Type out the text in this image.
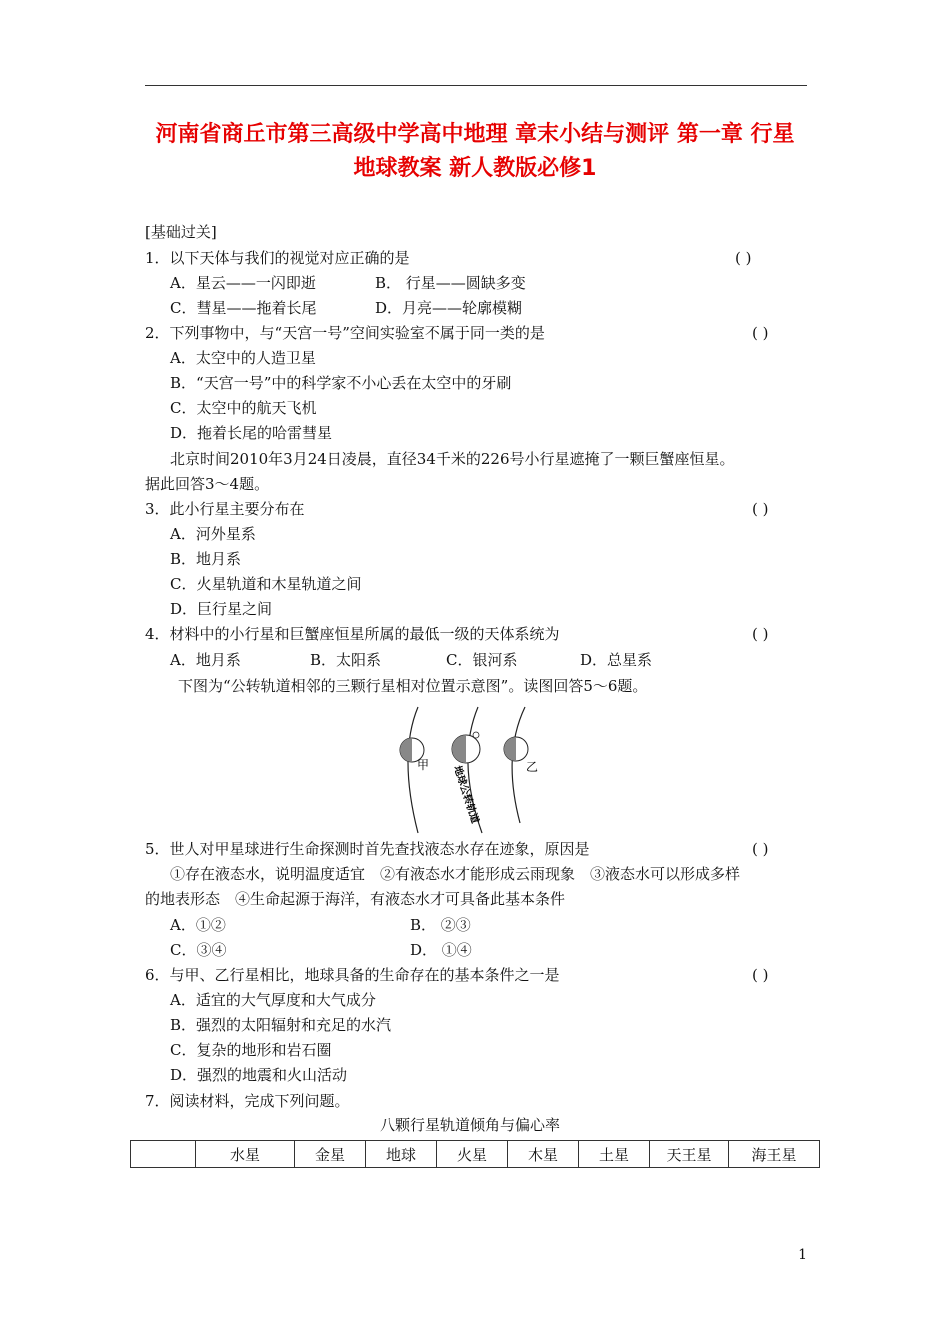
河南省商丘市第三高级中学高中地理 章末小结与测评 第一章 行星
地球教案 新人教版必修1
[基础过关]
1．以下天体与我们的视觉对应正确的是	( )
A．星云——一闪即逝	B． 行星——圆缺多变
C．彗星——拖着长尾	D．月亮——轮廓模糊
2．下列事物中，与“天宫一号”空间实验室不属于同一类的是	( )
A．太空中的人造卫星
B．“天宫一号”中的科学家不小心丢在太空中的牙刷
C．太空中的航天飞机
D．拖着长尾的哈雷彗星
北京时间2010年3月24日凌晨，直径34千米的226号小行星遮掩了一颗巨蟹座恒星。
据此回答3～4题。
3．此小行星主要分布在	( )
A．河外星系
B．地月系
C．火星轨道和木星轨道之间
D．巨行星之间
4．材料中的小行星和巨蟹座恒星所属的最低一级的天体系统为	( )
A．地月系	B．太阳系	C．银河系	D．总星系
下图为“公转轨道相邻的三颗行星相对位置示意图”。读图回答5～6题。
甲	乙
地球公转轨道
5．世人对甲星球进行生命探测时首先查找液态水存在迹象，原因是	( )
①存在液态水，说明温度适宜　②有液态水才能形成云雨现象　③液态水可以形成多样
的地表形态　④生命起源于海洋，有液态水才可具备此基本条件
A．①②	B． ②③
C．③④	D． ①④
6．与甲、乙行星相比，地球具备的生命存在的基本条件之一是	( )
A．适宜的大气厚度和大气成分
B．强烈的太阳辐射和充足的水汽
C．复杂的地形和岩石圈
D．强烈的地震和火山活动
7．阅读材料，完成下列问题。
八颗行星轨道倾角与偏心率
	水星	金星	地球	火星	木星	土星	天王星	海王星
1
